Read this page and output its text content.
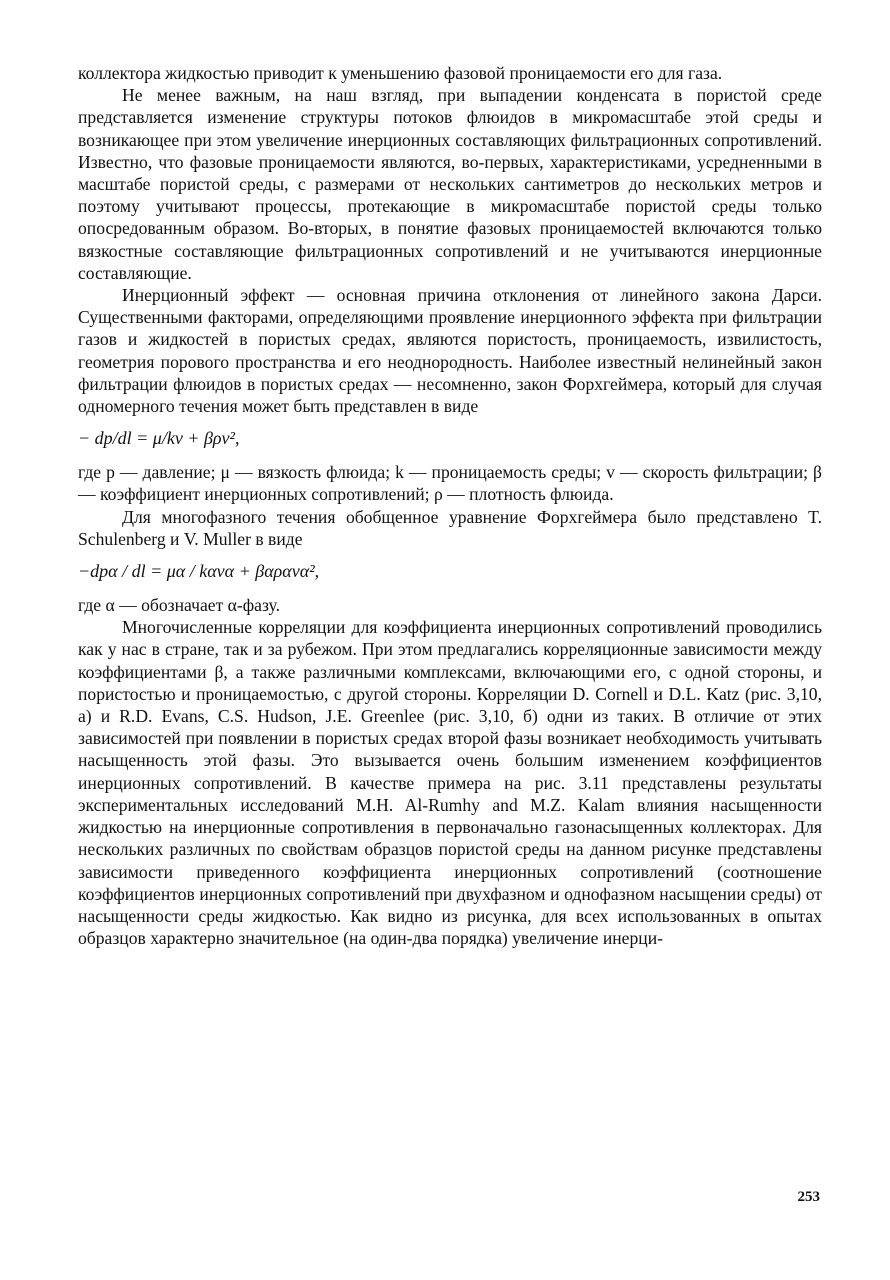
коллектора жидкостью приводит к уменьшению фазовой проницаемости его для газа.

Не менее важным, на наш взгляд, при выпадении конденсата в пористой среде представляется изменение структуры потоков флюидов в микромасштабе этой среды и возникающее при этом увеличение инерционных составляющих фильтрационных сопротивлений. Известно, что фазовые проницаемости являются, во-первых, характеристиками, усредненными в масштабе пористой среды, с размерами от нескольких сантиметров до нескольких метров и поэтому учитывают процессы, протекающие в микромасштабе пористой среды только опосредованным образом. Во-вторых, в понятие фазовых проницаемостей включаются только вязкостные составляющие фильтрационных сопротивлений и не учитываются инерционные составляющие.

Инерционный эффект — основная причина отклонения от линейного закона Дарси. Существенными факторами, определяющими проявление инерционного эффекта при фильтрации газов и жидкостей в пористых средах, являются пористость, проницаемость, извилистость, геометрия порового пространства и его неоднородность. Наиболее известный нелинейный закон фильтрации флюидов в пористых средах — несомненно, закон Форхгеймера, который для случая одномерного течения может быть представлен в виде

− dp/dl = μ/kv + βρv²,

где p — давление; μ — вязкость флюида; k — проницаемость среды; v — скорость фильтрации; β — коэффициент инерционных сопротивлений; ρ — плотность флюида.

Для многофазного течения обобщенное уравнение Форхгеймера было представлено T. Schulenberg и V. Muller в виде

−dpα / dl = μα / kαvα + βαραvα²,

где α — обозначает α-фазу.

Многочисленные корреляции для коэффициента инерционных сопротивлений проводились как у нас в стране, так и за рубежом. При этом предлагались корреляционные зависимости между коэффициентами β, а также различными комплексами, включающими его, с одной стороны, и пористостью и проницаемостью, с другой стороны. Корреляции D. Cornell и D.L. Katz (рис. 3,10, а) и R.D. Evans, C.S. Hudson, J.E. Greenlee (рис. 3,10, б) одни из таких. В отличие от этих зависимостей при появлении в пористых средах второй фазы возникает необходимость учитывать насыщенность этой фазы. Это вызывается очень большим изменением коэффициентов инерционных сопротивлений. В качестве примера на рис. 3.11 представлены результаты экспериментальных исследований M.H. Al-Rumhy and M.Z. Kalam влияния насыщенности жидкостью на инерционные сопротивления в первоначально газонасыщенных коллекторах. Для нескольких различных по свойствам образцов пористой среды на данном рисунке представлены зависимости приведенного коэффициента инерционных сопротивлений (соотношение коэффициентов инерционных сопротивлений при двухфазном и однофазном насыщении среды) от насыщенности среды жидкостью. Как видно из рисунка, для всех использованных в опытах образцов характерно значительное (на один-два порядка) увеличение инерци-

253
